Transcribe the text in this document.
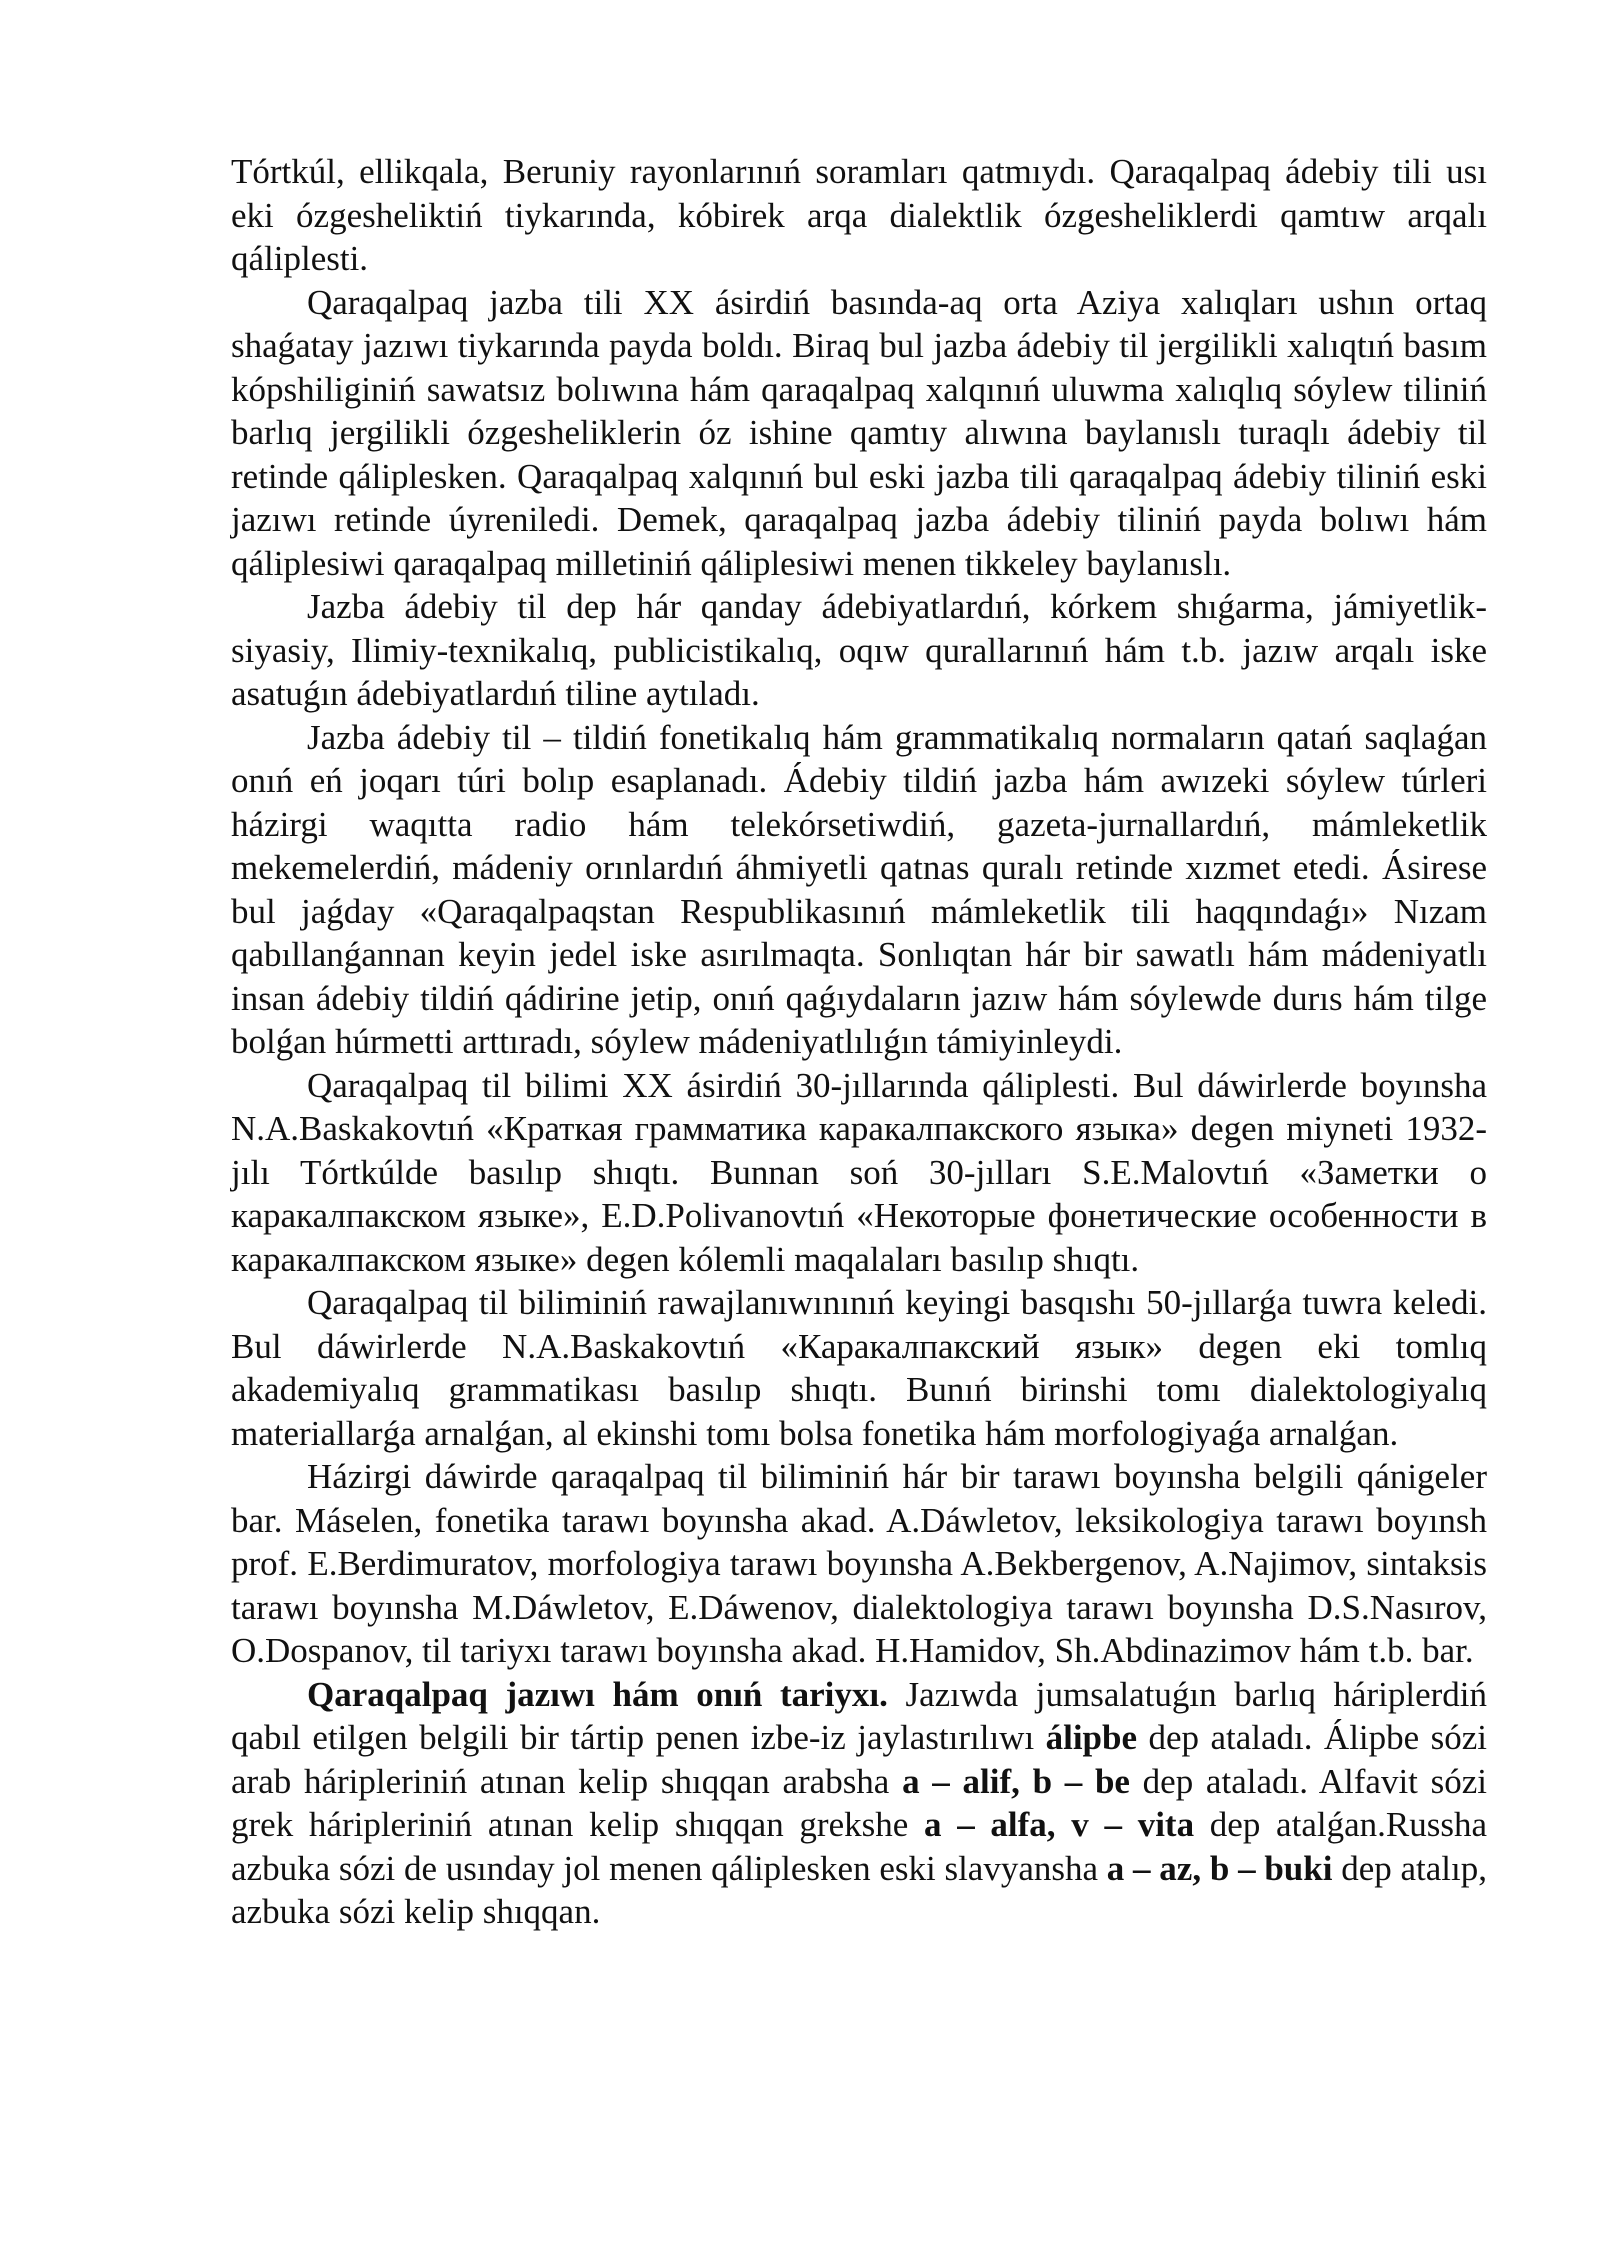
Tórtkúl, ellikqala, Beruniy rayonlarınıń soramları qatmıydı. Qaraqalpaq ádebiy tili usı eki ózgesheliktiń tiykarında, kóbirek arqa dialektlik ózgesheliklerdi qamtıw arqalı qáliplesti.

Qaraqalpaq jazba tili XX ásirdiń basında-aq orta Aziya xalıqları ushın ortaq shaǵatay jazıwı tiykarında payda boldı. Biraq bul jazba ádebiy til jergilikli xalıqtıń basım kópshiliginiń sawatsız bolıwına hám qaraqalpaq xalqınıń uluwma xalıqlıq sóylew tiliniń barlıq jergilikli ózgesheliklerin óz ishine qamtıy alıwına baylanıslı turaqlı ádebiy til retinde qáliplesken. Qaraqalpaq xalqınıń bul eski jazba tili qaraqalpaq ádebiy tiliniń eski jazıwı retinde úyreniledi. Demek, qaraqalpaq jazba ádebiy tiliniń payda bolıwı hám qáliplesiwi qaraqalpaq milletiniń qáliplesiwi menen tikkeley baylanıslı.

Jazba ádebiy til dep hár qanday ádebiyatlardıń, kórkem shıǵarma, jámiyetlik-siyasiy, Ilimiy-texnikalıq, publicistikalıq, oqıw qurallarınıń hám t.b. jazıw arqalı iske asatuǵın ádebiyatlardıń tiline aytıladı.

Jazba ádebiy til – tildiń fonetikalıq hám grammatikalıq normaların qatań saqlaǵan onıń eń joqarı túri bolıp esaplanadı. Ádebiy tildiń jazba hám awızeki sóylew túrleri házirgi waqıtta radio hám telekórsetiwdiń, gazeta-jurnallardıń, mámleketlik mekemelerdiń, mádeniy orınlardıń áhmiyetli qatnas quralı retinde xızmet etedi. Ásirese bul jaǵday «Qaraqalpaqstan Respublikasınıń mámleketlik tili haqqındaǵı» Nızam qabıllanǵannan keyin jedel iske asırılmaqta. Sonlıqtan hár bir sawatlı hám mádeniyatlı insan ádebiy tildiń qádirine jetip, onıń qaǵıydaların jazıw hám sóylewde durıs hám tilge bolǵan húrmetti arttıradı, sóylew mádeniyatlılıǵın támiyinleydi.

Qaraqalpaq til bilimi XX ásirdiń 30-jıllarında qáliplesti. Bul dáwirlerde boyınsha N.A.Baskakovtıń «Краткая грамматика каракалпакского языка» degen miyneti 1932-jılı Tórtkúlde basılıp shıqtı. Bunnan soń 30-jılları S.E.Malovtıń «Заметки о каракалпакском языке», E.D.Polivanovtıń «Некоторые фонетические особенности в каракалпакском языке» degen kólemli maqalaları basılıp shıqtı.

Qaraqalpaq til biliminiń rawajlanıwınınıń keyingi basqıshı 50-jıllarǵa tuwra keledi. Bul dáwirlerde N.A.Baskakovtıń «Каракалпакский язык» degen eki tomlıq akademiyalıq grammatikası basılıp shıqtı. Bunıń birinshi tomı dialektologiyalıq materiallarǵa arnalǵan, al ekinshi tomı bolsa fonetika hám morfologiyaǵa arnalǵan.

Házirgi dáwirde qaraqalpaq til biliminiń hár bir tarawı boyınsha belgili qánigeler bar. Máselen, fonetika tarawı boyınsha akad. A.Dáwletov, leksikologiya tarawı boyınsh prof. E.Berdimuratov, morfologiya tarawı boyınsha A.Bekbergenov, A.Najimov, sintaksis tarawı boyınsha M.Dáwletov, E.Dáwenov, dialektologiya tarawı boyınsha D.S.Nasırov, O.Dospanov, til tariyxı tarawı boyınsha akad. H.Hamidov, Sh.Abdinazimov hám t.b. bar.

Qaraqalpaq jazıwı hám onıń tariyxı. Jazıwda jumsalatuǵın barlıq háriplerdiń qabıl etilgen belgili bir tártip penen izbe-iz jaylastırılıwı álipbe dep ataladı. Álipbe sózi arab háripleriniń atınan kelip shıqqan arabsha a – alif, b – be dep ataladı. Alfavit sózi grek háripleriniń atınan kelip shıqqan grekshe a – alfa, v – vita dep atalǵan.Russha azbuka sózi de usınday jol menen qáliplesken eski slavyansha a – az, b – buki dep atalıp, azbuka sózi kelip shıqqan.
